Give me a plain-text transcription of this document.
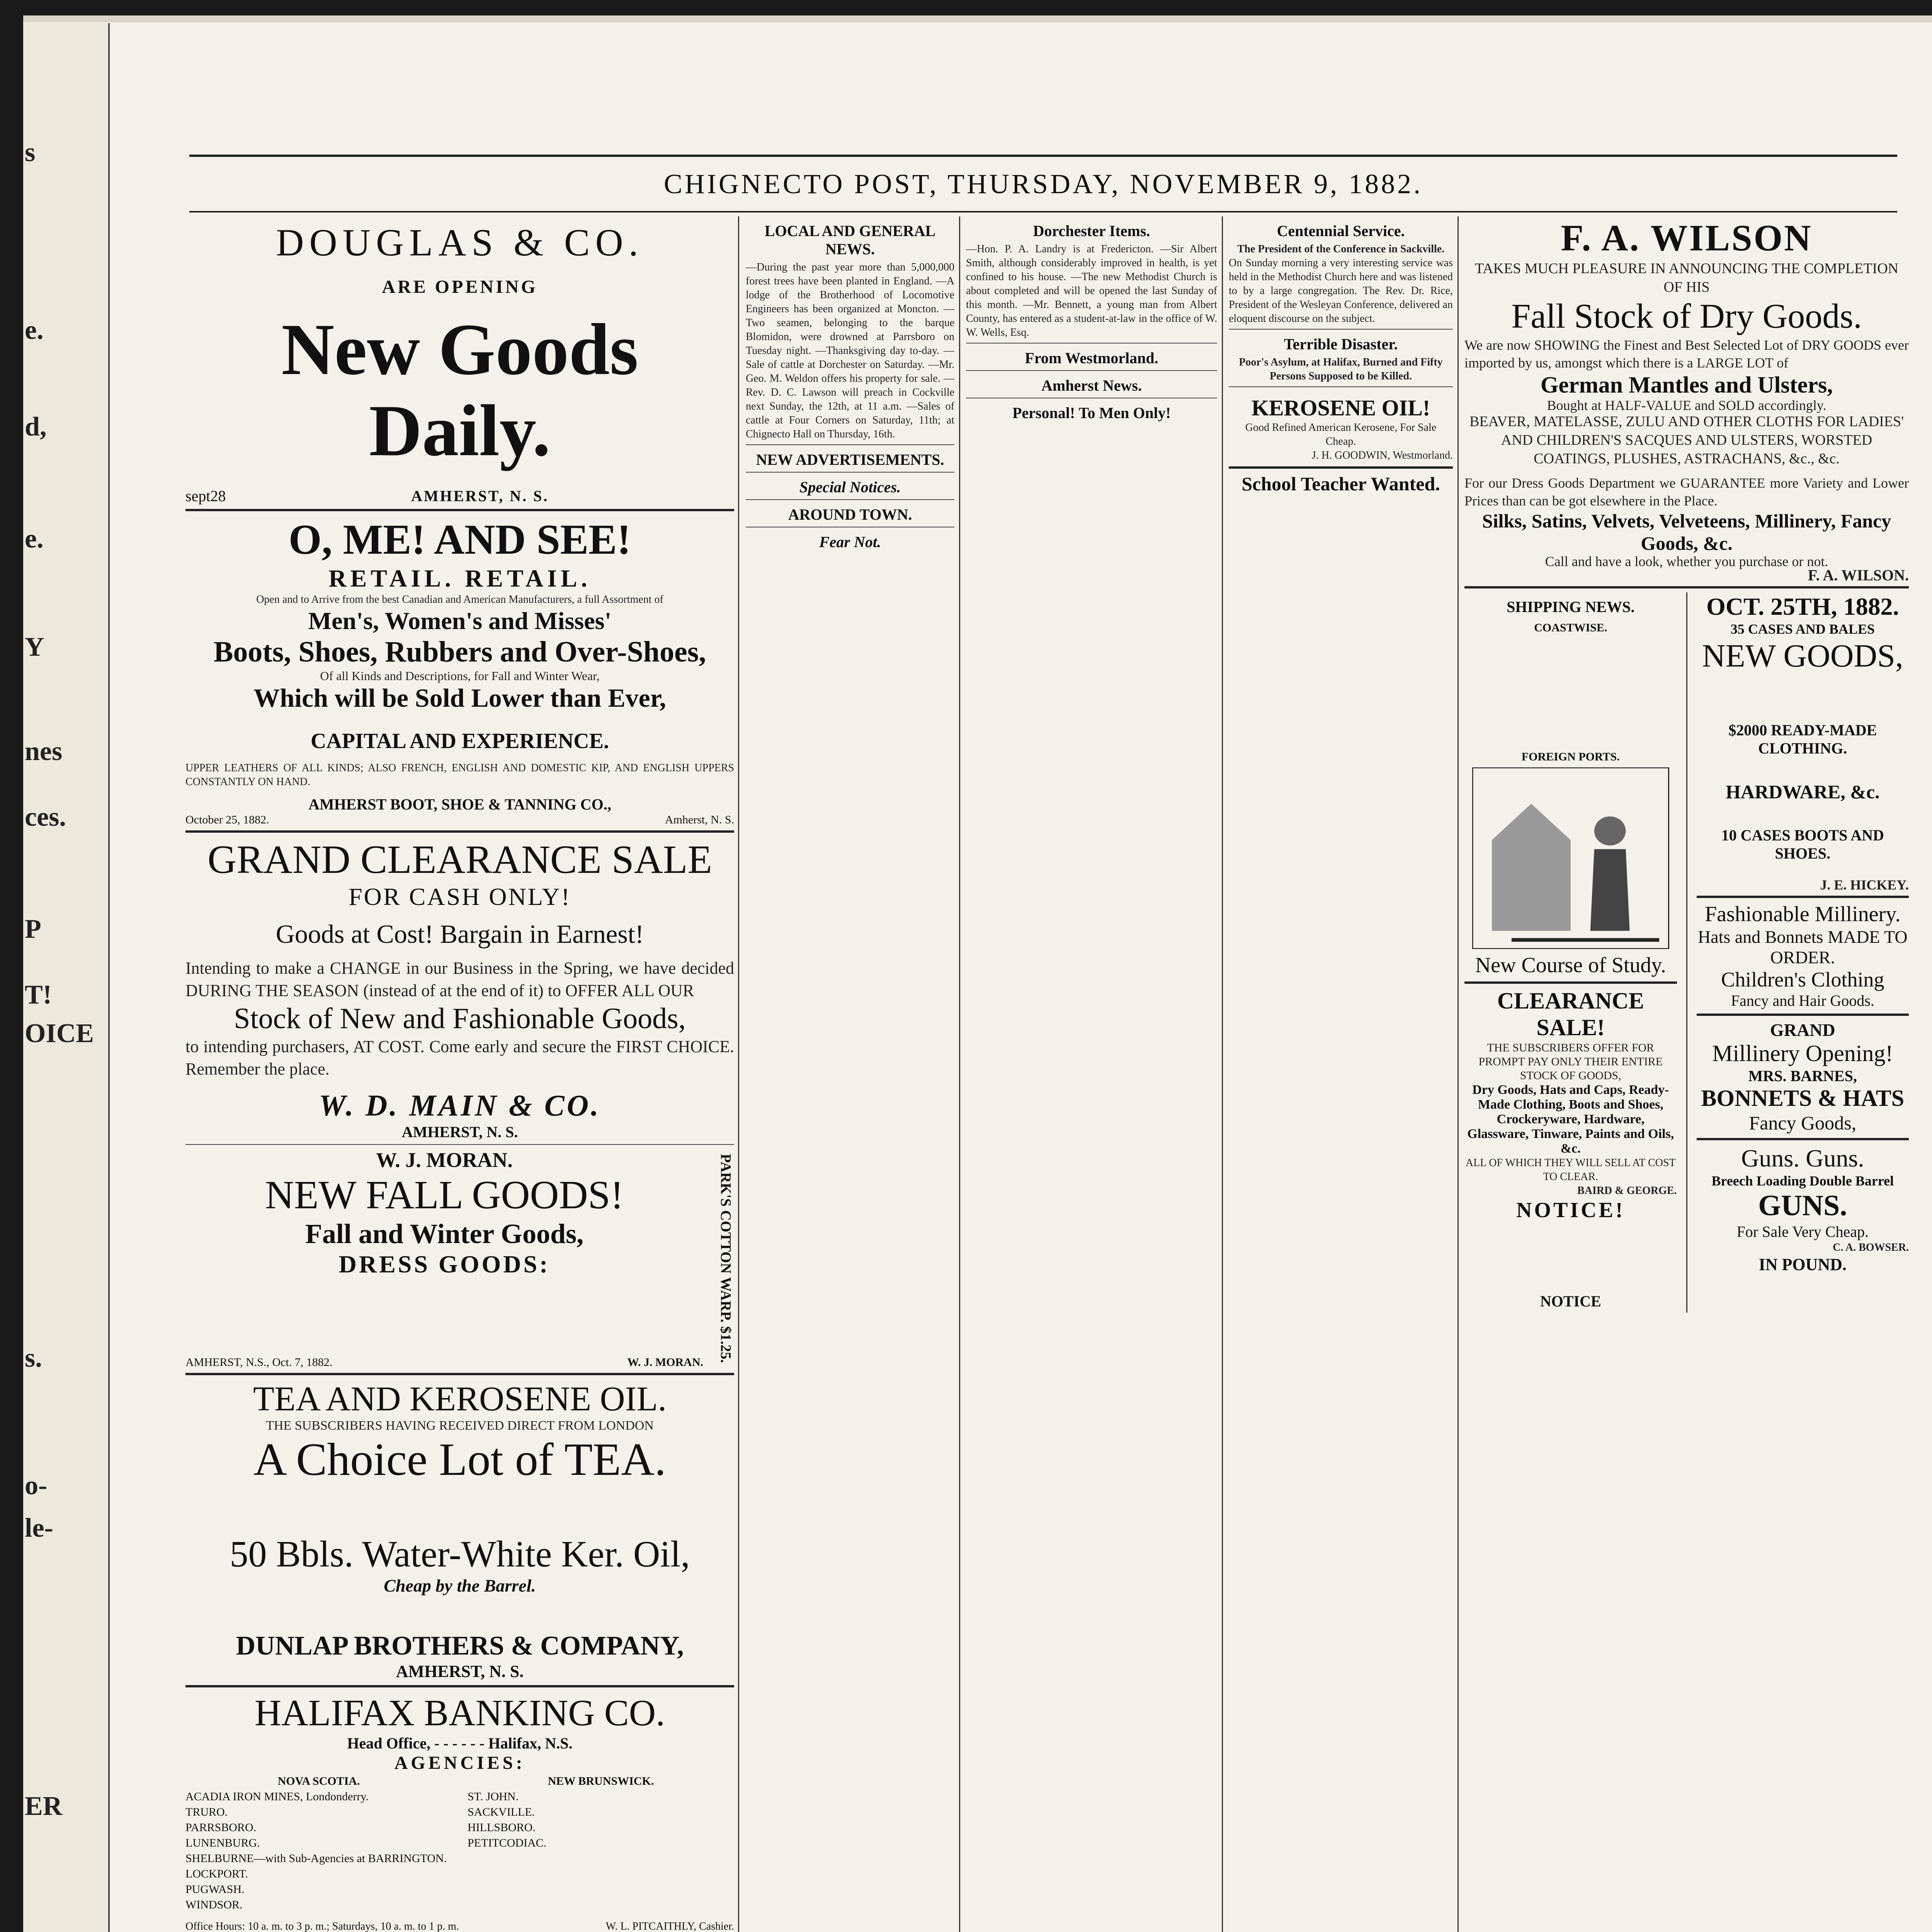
s
e.
d,
e.
Y
nes
ces.
P
T!
OICE
s.
o-
le-
ER
CHIGNECTO POST, THURSDAY, NOVEMBER 9, 1882.
DOUGLAS & CO.
ARE OPENING
New Goods Daily.
sept28	AMHERST, N. S.
O, ME! AND SEE!
RETAIL. RETAIL.
Open and to Arrive from the best Canadian and American Manufacturers, a full Assortment of
Men's, Women's and Misses'
Boots, Shoes, Rubbers and Over-Shoes,
Of all Kinds and Descriptions, for Fall and Winter Wear,
Which will be Sold Lower than Ever,
CAPITAL AND EXPERIENCE.
UPPER LEATHERS OF ALL KINDS; ALSO FRENCH, ENGLISH AND DOMESTIC KIP, AND ENGLISH UPPERS CONSTANTLY ON HAND.
AMHERST BOOT, SHOE & TANNING CO.,
October 25, 1882.	Amherst, N. S.
GRAND CLEARANCE SALE
FOR CASH ONLY!
Goods at Cost! Bargain in Earnest!
Intending to make a CHANGE in our Business in the Spring, we have decided DURING THE SEASON (instead of at the end of it) to OFFER ALL OUR
Stock of New and Fashionable Goods,
to intending purchasers, AT COST. Come early and secure the FIRST CHOICE. Remember the place.
W. D. MAIN & CO.
AMHERST, N. S.
W. J. MORAN.
NEW FALL GOODS!
Fall and Winter Goods,
DRESS GOODS:
AMHERST, N.S., Oct. 7, 1882.	W. J. MORAN. PARK'S COTTON WARP. $1.25.
TEA AND KEROSENE OIL.
THE SUBSCRIBERS HAVING RECEIVED DIRECT FROM LONDON
A Choice Lot of TEA.
50 Bbls. Water-White Ker. Oil,
Cheap by the Barrel.
DUNLAP BROTHERS & COMPANY,
AMHERST, N. S.
HALIFAX BANKING CO.
Head Office, - - - - - - Halifax, N.S.
AGENCIES:
NOVA SCOTIA.
ACADIA IRON MINES, Londonderry.
TRURO.
PARRSBORO.
LUNENBURG.
SHELBURNE—with Sub-Agencies at BARRINGTON.
LOCKPORT.
PUGWASH.
WINDSOR.
NEW BRUNSWICK.
ST. JOHN.
SACKVILLE.
HILLSBORO.
PETITCODIAC.
Office Hours: 10 a. m. to 3 p. m.; Saturdays, 10 a. m. to 1 p. m.	W. L. PITCAITHLY, Cashier.
LOCAL AND GENERAL NEWS.
—During the past year more than 5,000,000 forest trees have been planted in England. —A lodge of the Brotherhood of Locomotive Engineers has been organized at Moncton. —Two seamen, belonging to the barque Blomidon, were drowned at Parrsboro on Tuesday night. —Thanksgiving day to-day. —Sale of cattle at Dorchester on Saturday. —Mr. Geo. M. Weldon offers his property for sale. —Rev. D. C. Lawson will preach in Cockville next Sunday, the 12th, at 11 a.m. —Sales of cattle at Four Corners on Saturday, 11th; at Chignecto Hall on Thursday, 16th.
NEW ADVERTISEMENTS.
Special Notices.
AROUND TOWN.
Fear Not.
Dorchester Items.
—Hon. P. A. Landry is at Fredericton. —Sir Albert Smith, although considerably improved in health, is yet confined to his house. —The new Methodist Church is about completed and will be opened the last Sunday of this month. —Mr. Bennett, a young man from Albert County, has entered as a student-at-law in the office of W. W. Wells, Esq.
From Westmorland.
Amherst News.
Personal! To Men Only!
Centennial Service.
The President of the Conference in Sackville.
On Sunday morning a very interesting service was held in the Methodist Church here and was listened to by a large congregation. The Rev. Dr. Rice, President of the Wesleyan Conference, delivered an eloquent discourse on the subject.
Terrible Disaster.
Poor's Asylum, at Halifax, Burned and Fifty Persons Supposed to be Killed.
KEROSENE OIL!
Good Refined American Kerosene, For Sale Cheap.
J. H. GOODWIN, Westmorland.
School Teacher Wanted.
F. A. WILSON
TAKES MUCH PLEASURE IN ANNOUNCING THE COMPLETION OF HIS
Fall Stock of Dry Goods.
We are now SHOWING the Finest and Best Selected Lot of DRY GOODS ever imported by us, amongst which there is a LARGE LOT of
German Mantles and Ulsters,
Bought at HALF-VALUE and SOLD accordingly.
BEAVER, MATELASSE, ZULU AND OTHER CLOTHS FOR LADIES' AND CHILDREN'S SACQUES AND ULSTERS, WORSTED COATINGS, PLUSHES, ASTRACHANS, &c., &c.
For our Dress Goods Department we GUARANTEE more Variety and Lower Prices than can be got elsewhere in the Place.
Silks, Satins, Velvets, Velveteens, Millinery, Fancy Goods, &c.
Call and have a look, whether you purchase or not.
F. A. WILSON.
SHIPPING NEWS.
COASTWISE.
FOREIGN PORTS.
New Course of Study.
CLEARANCE SALE!
THE SUBSCRIBERS OFFER FOR PROMPT PAY ONLY THEIR ENTIRE STOCK OF GOODS,
Dry Goods, Hats and Caps, Ready-Made Clothing, Boots and Shoes, Crockeryware, Hardware, Glassware, Tinware, Paints and Oils, &c.
ALL OF WHICH THEY WILL SELL AT COST TO CLEAR.
BAIRD & GEORGE.
NOTICE!
NOTICE
OCT. 25TH, 1882.
35 CASES AND BALES
NEW GOODS,
$2000 READY-MADE CLOTHING.
HARDWARE, &c.
10 CASES BOOTS AND SHOES.
J. E. HICKEY.
Fashionable Millinery.
Hats and Bonnets MADE TO ORDER.
Children's Clothing
Fancy and Hair Goods.
GRAND
Millinery Opening!
MRS. BARNES,
BONNETS & HATS
Fancy Goods,
Guns. Guns.
Breech Loading Double Barrel
GUNS.
For Sale Very Cheap.
C. A. BOWSER.
IN POUND.
